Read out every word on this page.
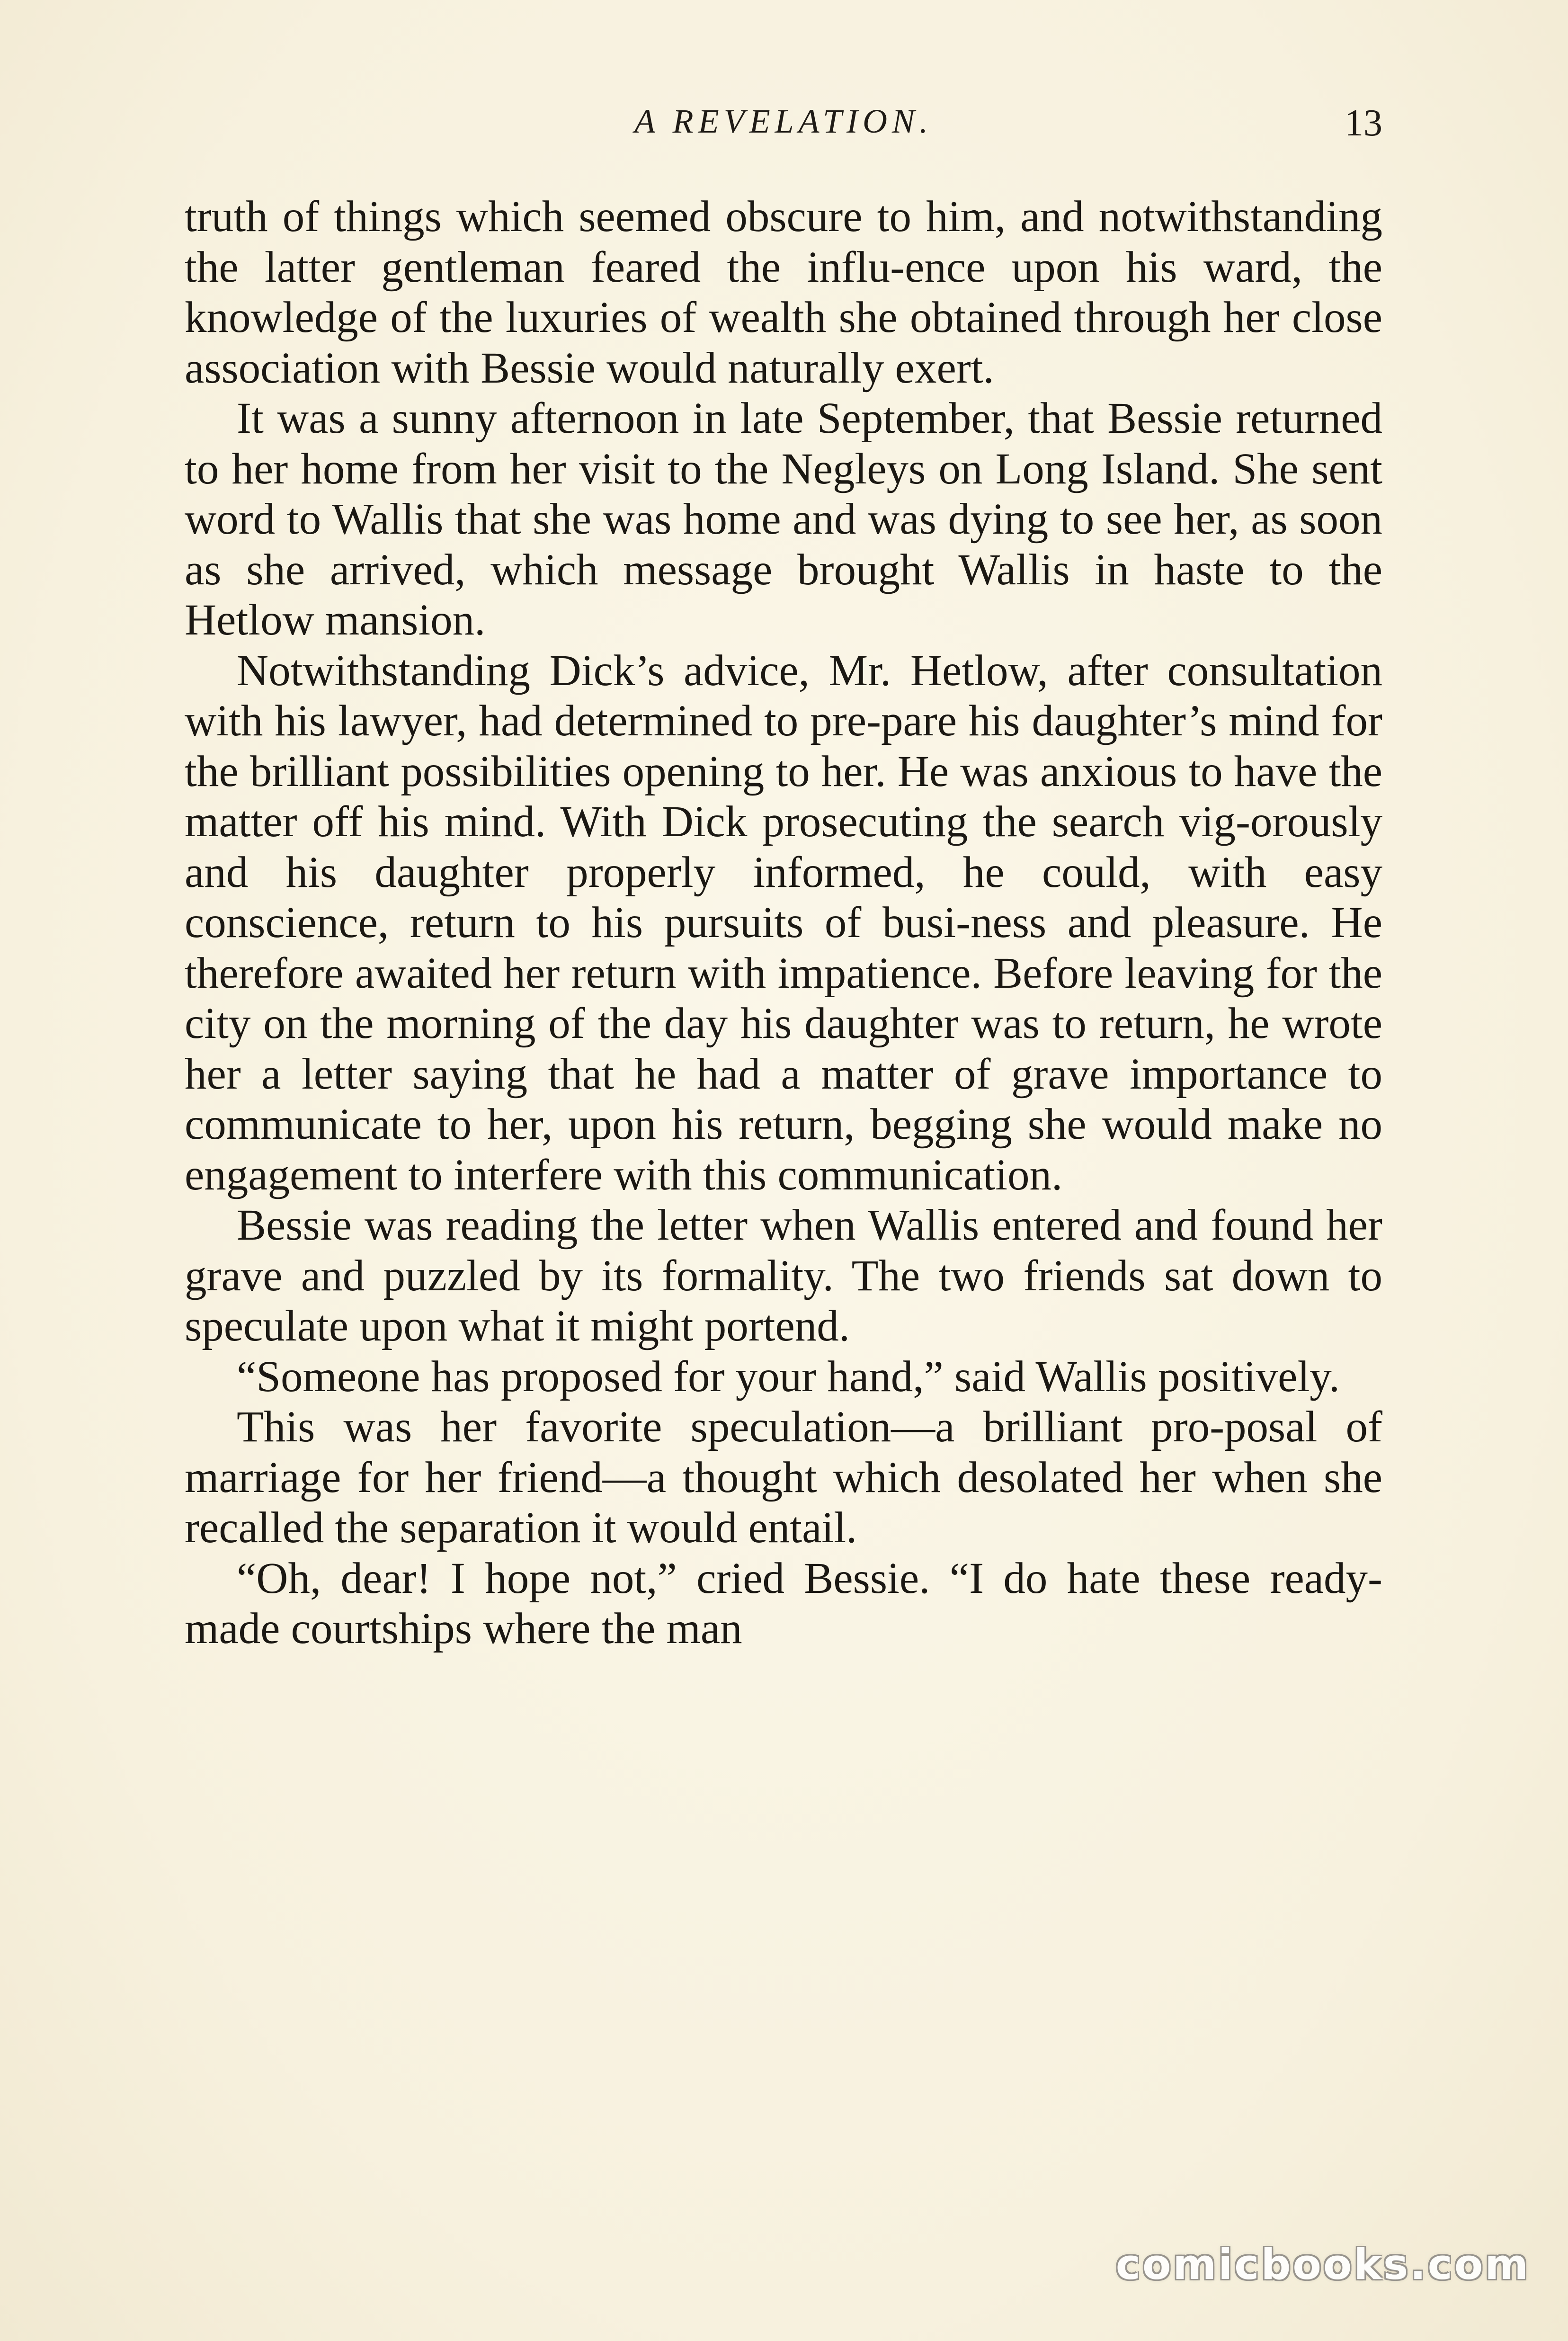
A REVELATION.	13

truth of things which seemed obscure to him, and notwithstanding the latter gentleman feared the influ-ence upon his ward, the knowledge of the luxuries of wealth she obtained through her close association with Bessie would naturally exert.

It was a sunny afternoon in late September, that Bessie returned to her home from her visit to the Negleys on Long Island. She sent word to Wallis that she was home and was dying to see her, as soon as she arrived, which message brought Wallis in haste to the Hetlow mansion.

Notwithstanding Dick’s advice, Mr. Hetlow, after consultation with his lawyer, had determined to pre-pare his daughter’s mind for the brilliant possibilities opening to her. He was anxious to have the matter off his mind. With Dick prosecuting the search vig-orously and his daughter properly informed, he could, with easy conscience, return to his pursuits of busi-ness and pleasure. He therefore awaited her return with impatience. Before leaving for the city on the morning of the day his daughter was to return, he wrote her a letter saying that he had a matter of grave importance to communicate to her, upon his return, begging she would make no engagement to interfere with this communication.

Bessie was reading the letter when Wallis entered and found her grave and puzzled by its formality. The two friends sat down to speculate upon what it might portend.

“Someone has proposed for your hand,” said Wallis positively.

This was her favorite speculation—a brilliant pro-posal of marriage for her friend—a thought which desolated her when she recalled the separation it would entail.

“Oh, dear! I hope not,” cried Bessie. “I do hate these ready-made courtships where the man

comicbooks.com
